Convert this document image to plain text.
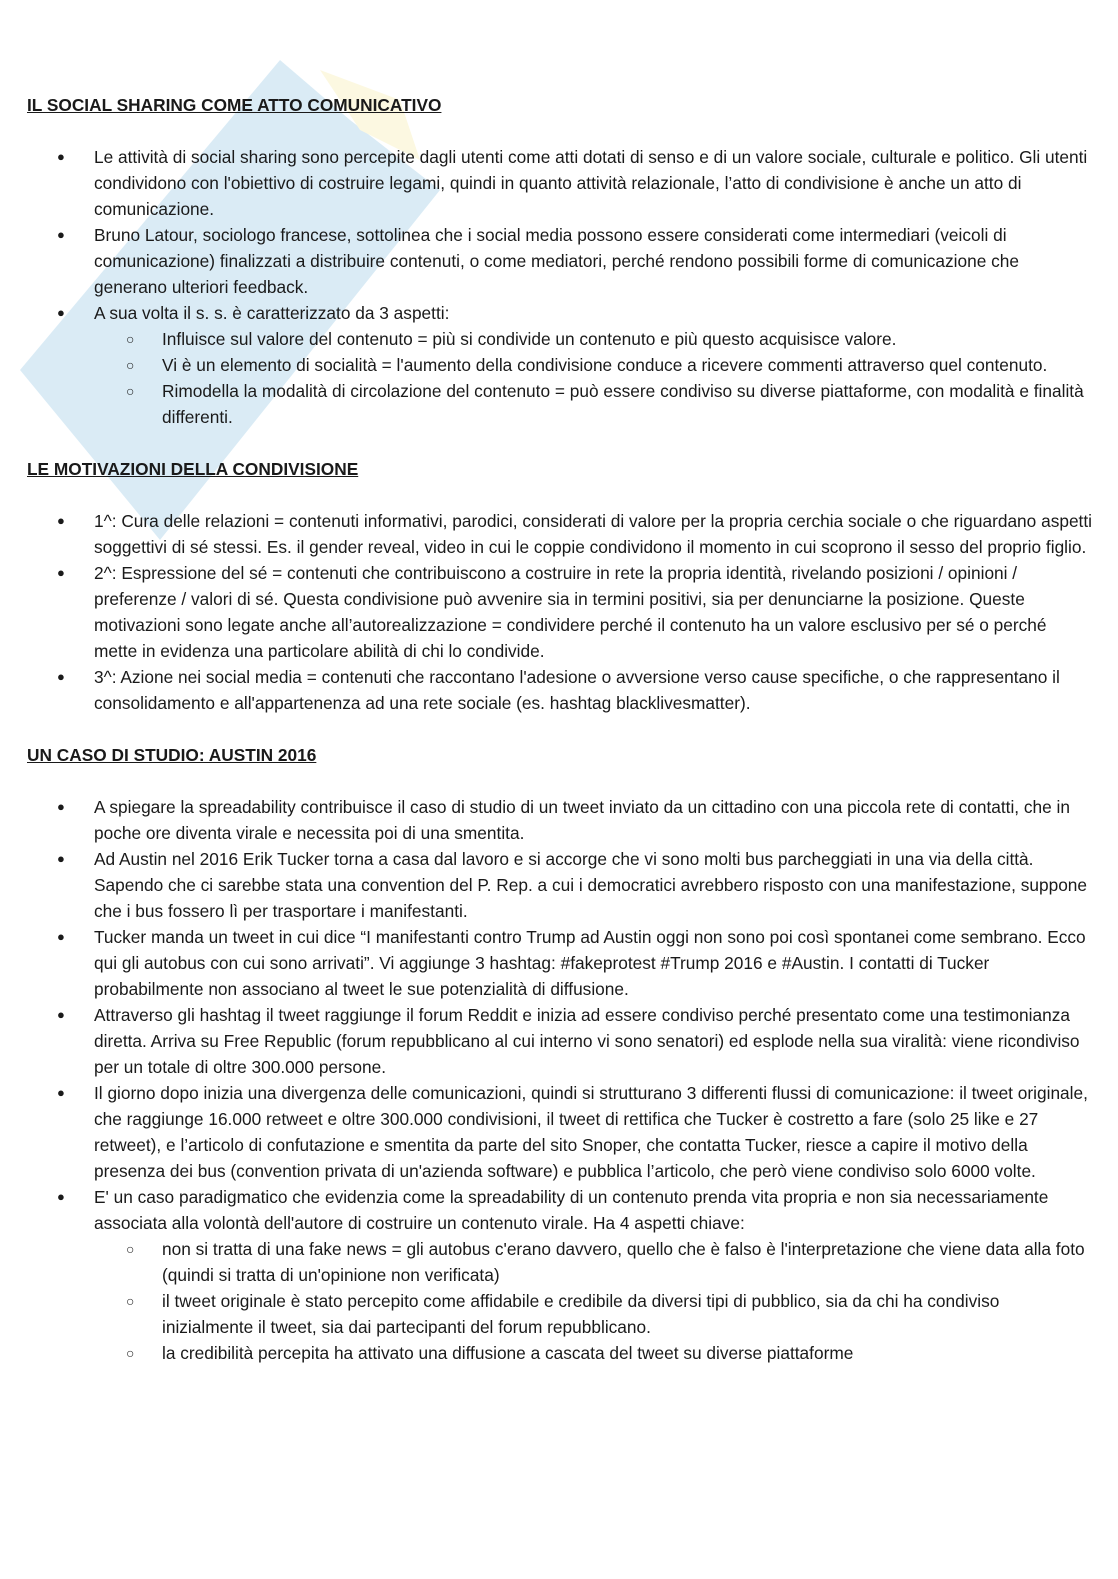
IL SOCIAL SHARING COME ATTO COMUNICATIVO
● Le attività di social sharing sono percepite dagli utenti come atti dotati di senso e di un valore sociale, culturale e politico. Gli utenti condividono con l'obiettivo di costruire legami, quindi in quanto attività relazionale, l’atto di condivisione è anche un atto di comunicazione.
● Bruno Latour, sociologo francese, sottolinea che i social media possono essere considerati come intermediari (veicoli di comunicazione) finalizzati a distribuire contenuti, o come mediatori, perché rendono possibili forme di comunicazione che generano ulteriori feedback.
● A sua volta il s. s. è caratterizzato da 3 aspetti:
○ Influisce sul valore del contenuto = più si condivide un contenuto e più questo acquisisce valore.
○ Vi è un elemento di socialità = l'aumento della condivisione conduce a ricevere commenti attraverso quel contenuto.
○ Rimodella la modalità di circolazione del contenuto = può essere condiviso su diverse piattaforme, con modalità e finalità differenti.
LE MOTIVAZIONI DELLA CONDIVISIONE
● 1^: Cura delle relazioni = contenuti informativi, parodici, considerati di valore per la propria cerchia sociale o che riguardano aspetti soggettivi di sé stessi. Es. il gender reveal, video in cui le coppie condividono il momento in cui scoprono il sesso del proprio figlio.
● 2^: Espressione del sé = contenuti che contribuiscono a costruire in rete la propria identità, rivelando posizioni / opinioni / preferenze / valori di sé. Questa condivisione può avvenire sia in termini positivi, sia per denunciarne la posizione. Queste motivazioni sono legate anche all’autorealizzazione = condividere perché il contenuto ha un valore esclusivo per sé o perché mette in evidenza una particolare abilità di chi lo condivide.
● 3^: Azione nei social media = contenuti che raccontano l'adesione o avversione verso cause specifiche, o che rappresentano il consolidamento e all'appartenenza ad una rete sociale (es. hashtag blacklivesmatter).
UN CASO DI STUDIO: AUSTIN 2016
● A spiegare la spreadability contribuisce il caso di studio di un tweet inviato da un cittadino con una piccola rete di contatti, che in poche ore diventa virale e necessita poi di una smentita.
● Ad Austin nel 2016 Erik Tucker torna a casa dal lavoro e si accorge che vi sono molti bus parcheggiati in una via della città. Sapendo che ci sarebbe stata una convention del P. Rep. a cui i democratici avrebbero risposto con una manifestazione, suppone che i bus fossero lì per trasportare i manifestanti.
● Tucker manda un tweet in cui dice “I manifestanti contro Trump ad Austin oggi non sono poi così spontanei come sembrano. Ecco qui gli autobus con cui sono arrivati”. Vi aggiunge 3 hashtag: #fakeprotest #Trump 2016 e #Austin. I contatti di Tucker probabilmente non associano al tweet le sue potenzialità di diffusione.
● Attraverso gli hashtag il tweet raggiunge il forum Reddit e inizia ad essere condiviso perché presentato come una testimonianza diretta. Arriva su Free Republic (forum repubblicano al cui interno vi sono senatori) ed esplode nella sua viralità: viene ricondiviso per un totale di oltre 300.000 persone.
● Il giorno dopo inizia una divergenza delle comunicazioni, quindi si strutturano 3 differenti flussi di comunicazione: il tweet originale, che raggiunge 16.000 retweet e oltre 300.000 condivisioni, il tweet di rettifica che Tucker è costretto a fare (solo 25 like e 27 retweet), e l’articolo di confutazione e smentita da parte del sito Snoper, che contatta Tucker, riesce a capire il motivo della presenza dei bus (convention privata di un'azienda software) e pubblica l’articolo, che però viene condiviso solo 6000 volte.
● E' un caso paradigmatico che evidenzia come la spreadability di un contenuto prenda vita propria e non sia necessariamente associata alla volontà dell'autore di costruire un contenuto virale. Ha 4 aspetti chiave:
○ non si tratta di una fake news = gli autobus c'erano davvero, quello che è falso è l'interpretazione che viene data alla foto (quindi si tratta di un'opinione non verificata)
○ il tweet originale è stato percepito come affidabile e credibile da diversi tipi di pubblico, sia da chi ha condiviso inizialmente il tweet, sia dai partecipanti del forum repubblicano.
○ la credibilità percepita ha attivato una diffusione a cascata del tweet su diverse piattaforme
